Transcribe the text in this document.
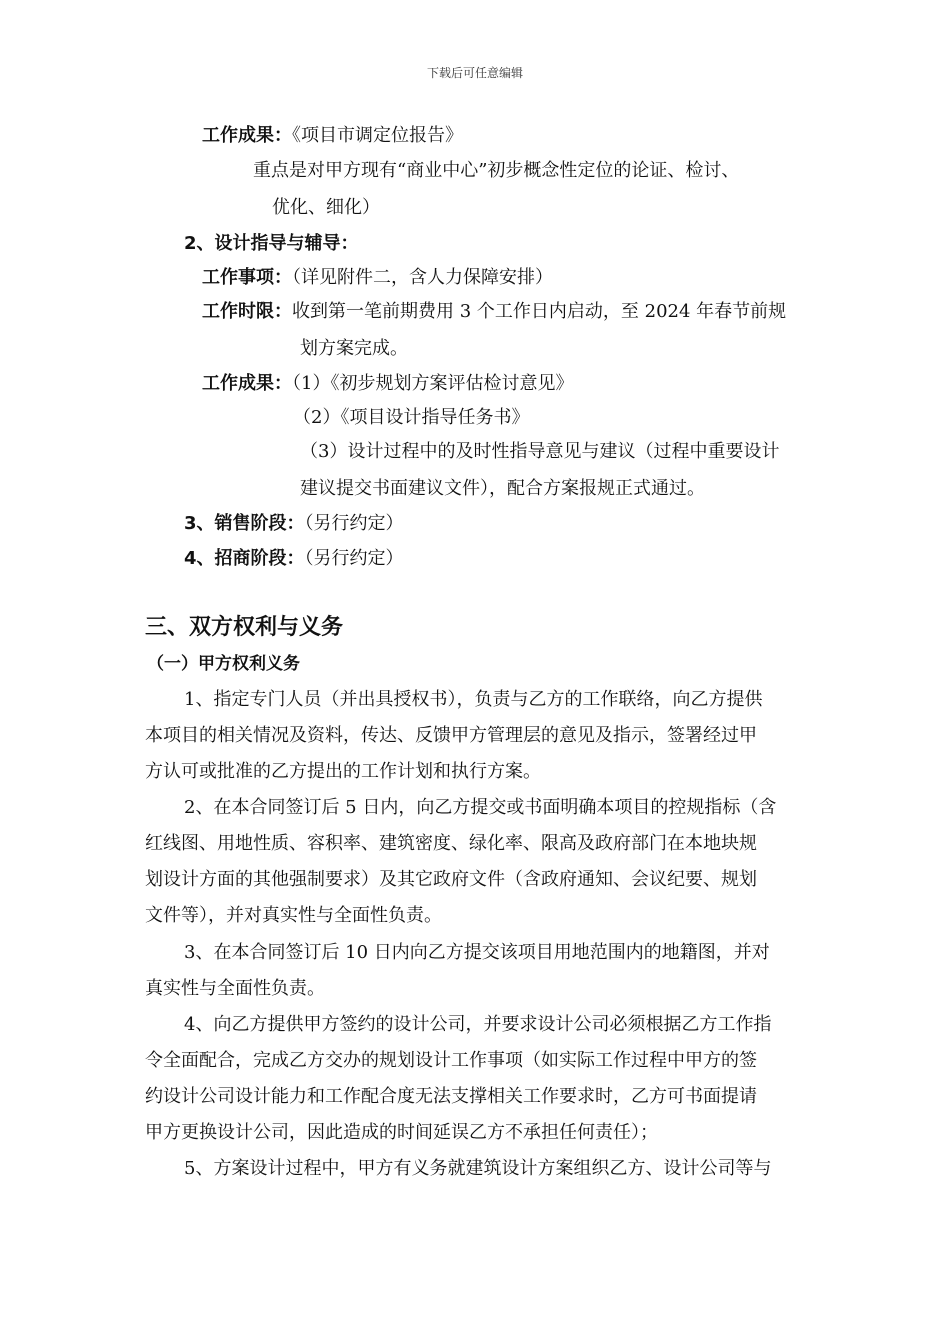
下载后可任意编辑
工作成果：《项目市调定位报告》
重点是对甲方现有“商业中心”初步概念性定位的论证、检讨、
优化、细化）
2、设计指导与辅导：
工作事项：（详见附件二，含人力保障安排）
工作时限：收到第一笔前期费用 3 个工作日内启动，至 2024 年春节前规
划方案完成。
工作成果：（1）《初步规划方案评估检讨意见》
（2）《项目设计指导任务书》
（3）设计过程中的及时性指导意见与建议（过程中重要设计
建议提交书面建议文件），配合方案报规正式通过。
3、销售阶段：（另行约定）
4、招商阶段：（另行约定）
三、双方权利与义务
（一）甲方权利义务
1、指定专门人员（并出具授权书），负责与乙方的工作联络，向乙方提供
本项目的相关情况及资料，传达、反馈甲方管理层的意见及指示，签署经过甲
方认可或批准的乙方提出的工作计划和执行方案。
2、在本合同签订后 5 日内，向乙方提交或书面明确本项目的控规指标（含
红线图、用地性质、容积率、建筑密度、绿化率、限高及政府部门在本地块规
划设计方面的其他强制要求）及其它政府文件（含政府通知、会议纪要、规划
文件等），并对真实性与全面性负责。
3、在本合同签订后 10 日内向乙方提交该项目用地范围内的地籍图，并对
真实性与全面性负责。
4、向乙方提供甲方签约的设计公司，并要求设计公司必须根据乙方工作指
令全面配合，完成乙方交办的规划设计工作事项（如实际工作过程中甲方的签
约设计公司设计能力和工作配合度无法支撑相关工作要求时，乙方可书面提请
甲方更换设计公司，因此造成的时间延误乙方不承担任何责任）；
5、方案设计过程中，甲方有义务就建筑设计方案组织乙方、设计公司等与
